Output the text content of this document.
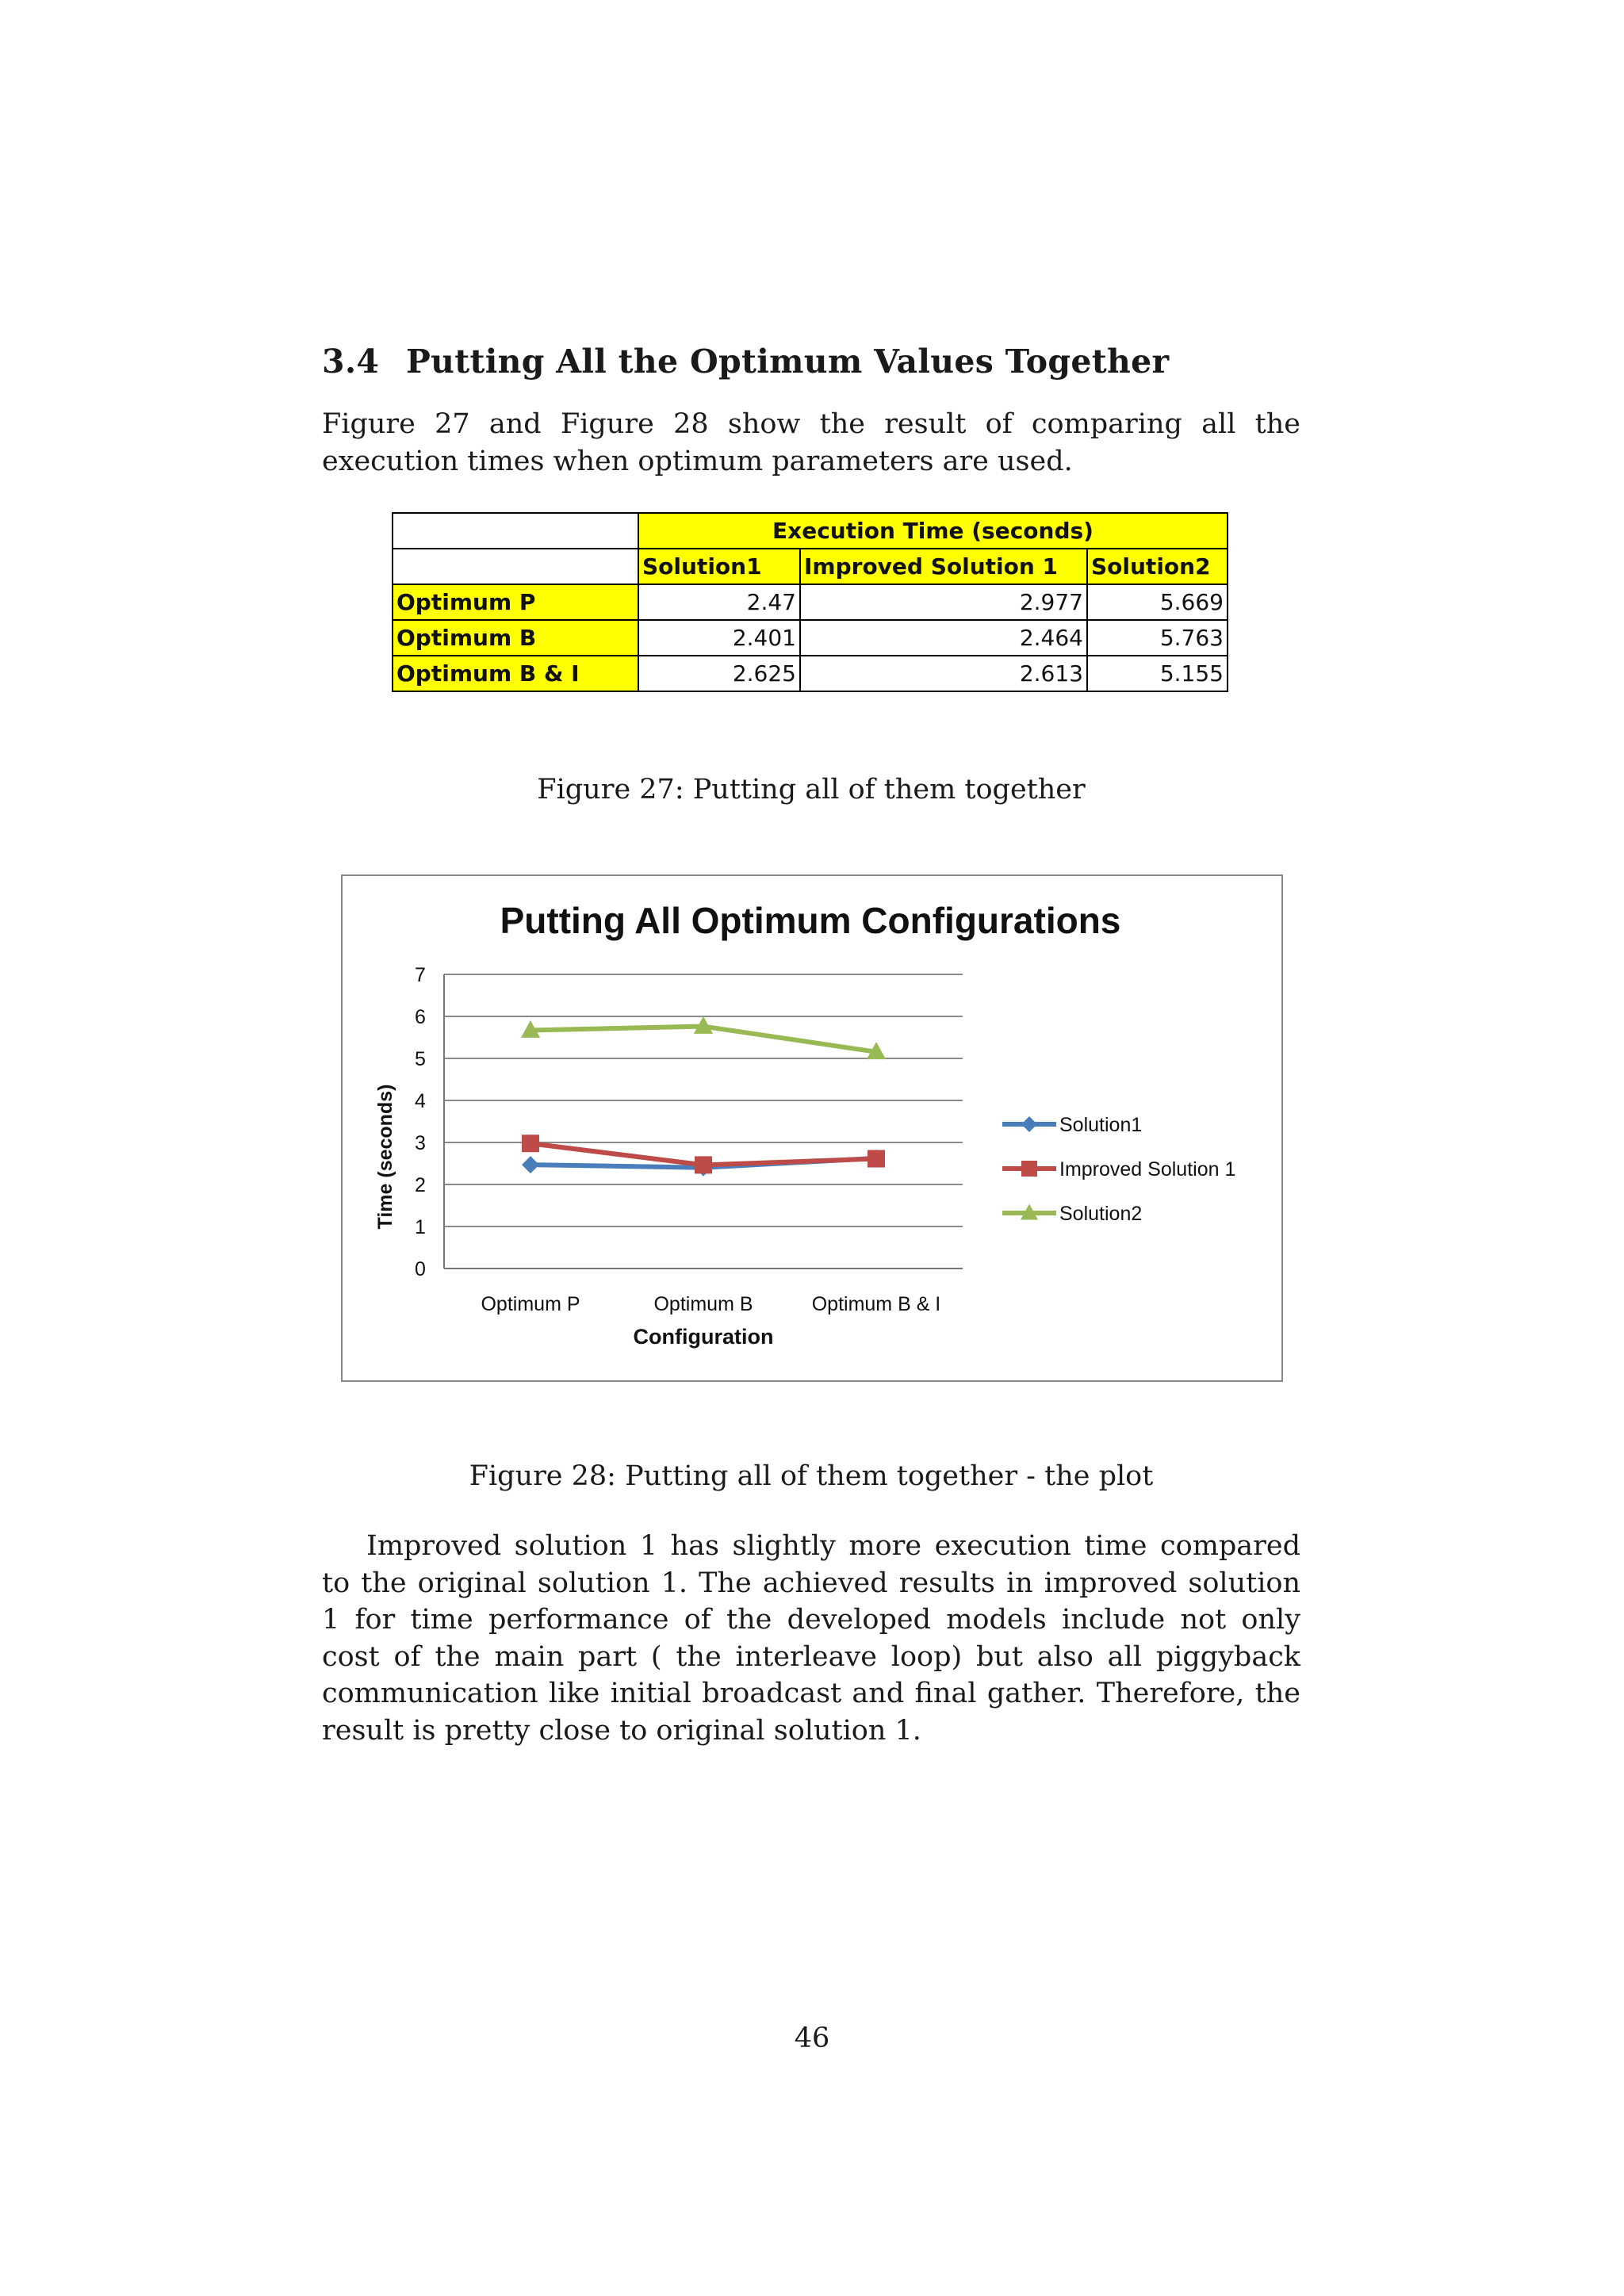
3.4 Putting All the Optimum Values Together

Figure 27 and Figure 28 show the result of comparing all the execution times when optimum parameters are used.

	Execution Time (seconds)		
	Solution1	Improved Solution 1	Solution2
Optimum P	2.47	2.977	5.669
Optimum B	2.401	2.464	5.763
Optimum B & I	2.625	2.613	5.155

Figure 27: Putting all of them together

Putting All Optimum Configurations
0
1
2
3
4
5
6
7
Optimum P	Optimum B	Optimum B & I
Solution1
Improved Solution 1
Solution2
Configuration
Time (seconds)

Figure 28: Putting all of them together - the plot

Improved solution 1 has slightly more execution time compared to the original solution 1. The achieved results in improved solution 1 for time performance of the developed models include not only cost of the main part ( the interleave loop) but also all piggyback communication like initial broadcast and final gather. Therefore, the result is pretty close to original solution 1.

46
